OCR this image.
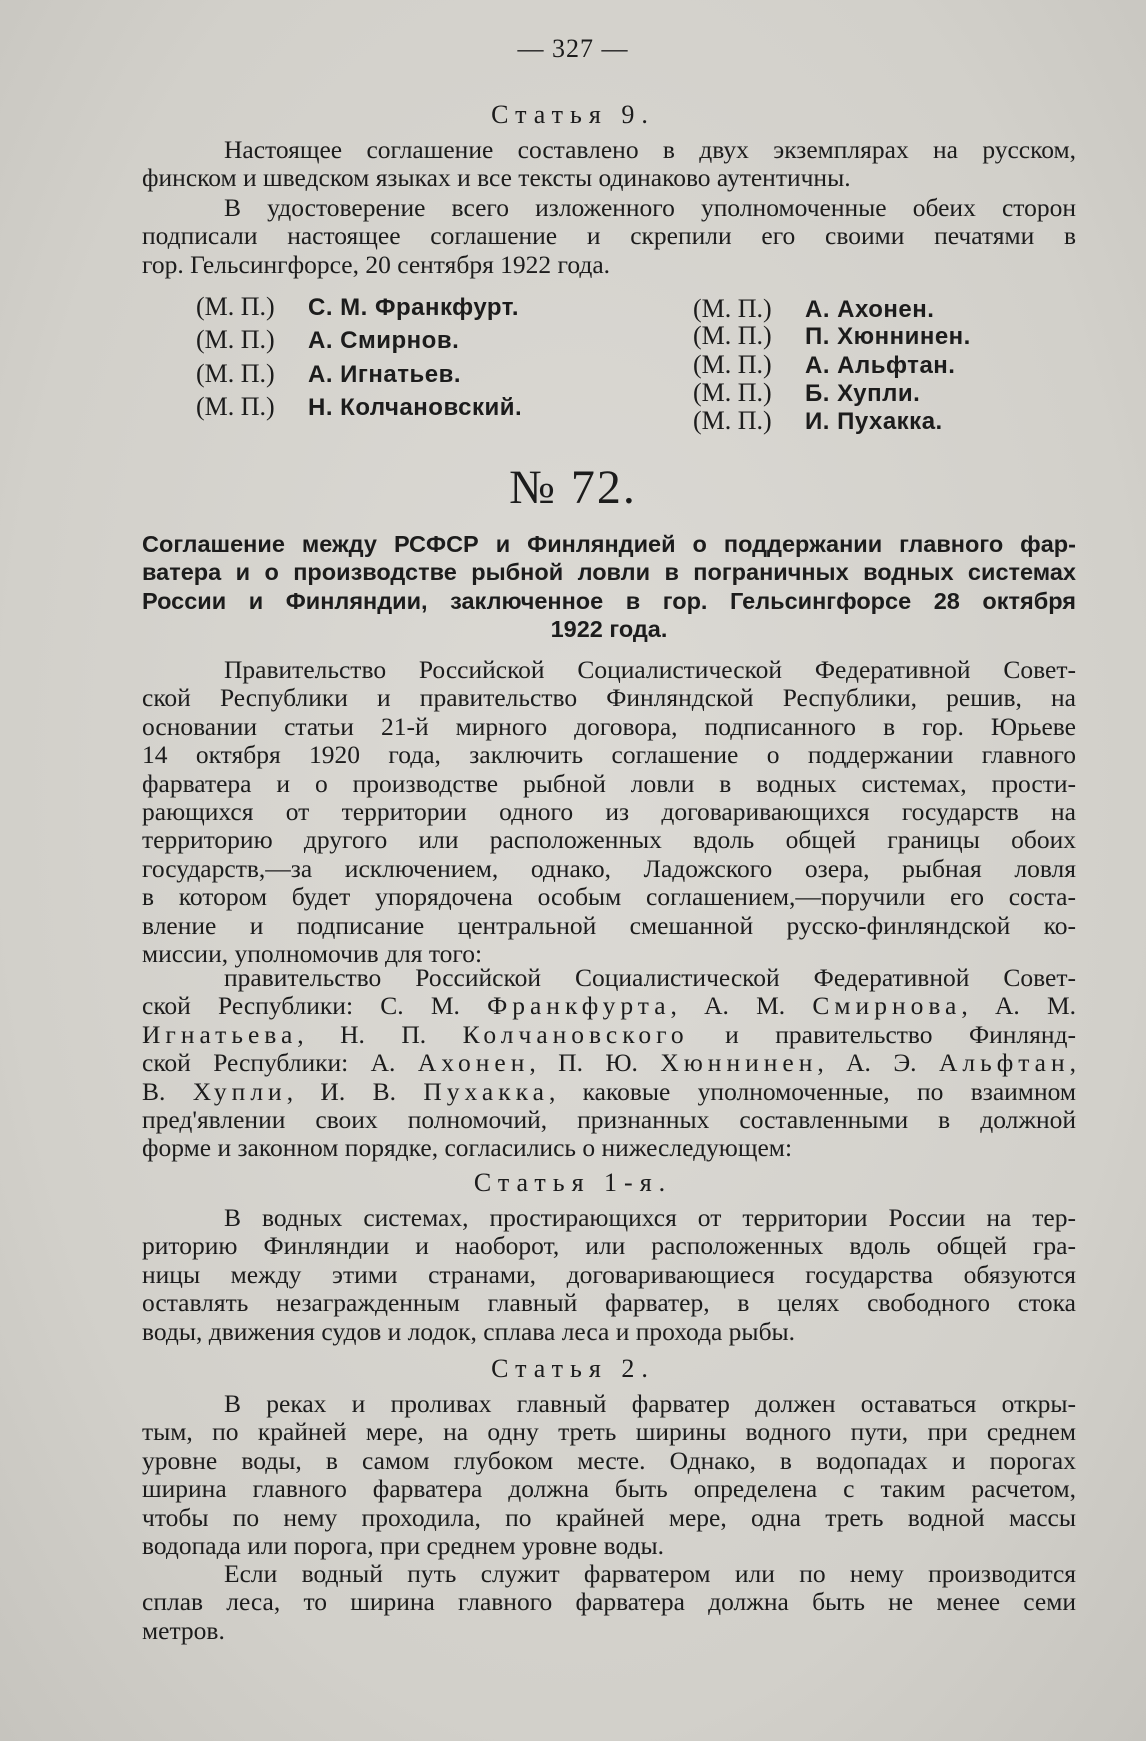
— 327 —
Статья 9.
Настоящее соглашение составлено в двух экземплярах на русском,
финском и шведском языках и все тексты одинаково аутентичны.
В удостоверение всего изложенного уполномоченные обеих сторон
подписали настоящее соглашение и скрепили его своими печатями в
гор. Гельсингфорсе, 20 сентября 1922 года.
(М. П.) С. М. Франкфурт.
(М. П.) А. Смирнов.
(М. П.) А. Игнатьев.
(М. П.) Н. Колчановский.
(М. П.) А. Ахонен.
(М. П.) П. Хюннинен.
(М. П.) А. Альфтан.
(М. П.) Б. Хупли.
(М. П.) И. Пухакка.
№ 72.
Соглашение между РСФСР и Финляндией о поддержании главного фар-
ватера и о производстве рыбной ловли в пограничных водных системах
России и Финляндии, заключенное в гор. Гельсингфорсе 28 октября
1922 года.
Правительство Российской Социалистической Федеративной Совет-
ской Республики и правительство Финляндской Республики, решив, на
основании статьи 21-й мирного договора, подписанного в гор. Юрьеве
14 октября 1920 года, заключить соглашение о поддержании главного
фарватера и о производстве рыбной ловли в водных системах, прости-
рающихся от территории одного из договаривающихся государств на
территорию другого или расположенных вдоль общей границы обоих
государств,—за исключением, однако, Ладожского озера, рыбная ловля
в котором будет упорядочена особым соглашением,—поручили его соста-
вление и подписание центральной смешанной русско-финляндской ко-
миссии, уполномочив для того:
правительство Российской Социалистической Федеративной Совет-
ской Республики: С. М. Франкфурта, А. М. Смирнова, А. М.
Игнатьева, Н. П. Колчановского и правительство Финлянд-
ской Республики: А. Ахонен, П. Ю. Хюннинен, А. Э. Альфтан,
В. Хупли, И. В. Пухакка, каковые уполномоченные, по взаимном
пред'явлении своих полномочий, признанных составленными в должной
форме и законном порядке, согласились о нижеследующем:
Статья 1-я.
В водных системах, простирающихся от территории России на тер-
риторию Финляндии и наоборот, или расположенных вдоль общей гра-
ницы между этими странами, договаривающиеся государства обязуются
оставлять незагражденным главный фарватер, в целях свободного стока
воды, движения судов и лодок, сплава леса и прохода рыбы.
Статья 2.
В реках и проливах главный фарватер должен оставаться откры-
тым, по крайней мере, на одну треть ширины водного пути, при среднем
уровне воды, в самом глубоком месте. Однако, в водопадах и порогах
ширина главного фарватера должна быть определена с таким расчетом,
чтобы по нему проходила, по крайней мере, одна треть водной массы
водопада или порога, при среднем уровне воды.
Если водный путь служит фарватером или по нему производится
сплав леса, то ширина главного фарватера должна быть не менее семи
метров.
